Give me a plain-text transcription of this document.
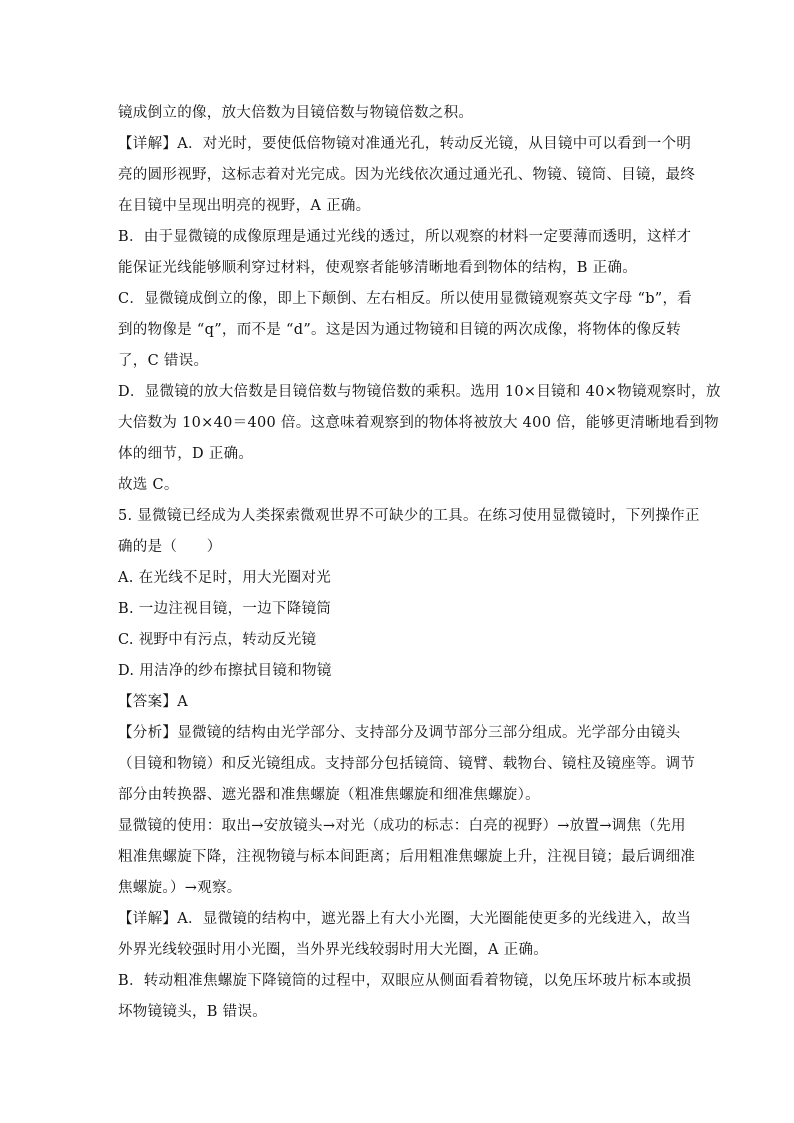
镜成倒立的像，放大倍数为目镜倍数与物镜倍数之积。
【详解】A．对光时，要使低倍物镜对准通光孔，转动反光镜，从目镜中可以看到一个明
亮的圆形视野，这标志着对光完成。因为光线依次通过通光孔、物镜、镜筒、目镜，最终
在目镜中呈现出明亮的视野，A 正确。
B．由于显微镜的成像原理是通过光线的透过，所以观察的材料一定要薄而透明，这样才
能保证光线能够顺利穿过材料，使观察者能够清晰地看到物体的结构，B 正确。
C．显微镜成倒立的像，即上下颠倒、左右相反。所以使用显微镜观察英文字母 “b”，看
到的物像是 “q”，而不是 “d”。这是因为通过物镜和目镜的两次成像，将物体的像反转
了，C 错误。
D．显微镜的放大倍数是目镜倍数与物镜倍数的乘积。选用 10×目镜和 40×物镜观察时，放
大倍数为 10×40＝400 倍。这意味着观察到的物体将被放大 400 倍，能够更清晰地看到物
体的细节，D 正确。
故选 C。
5. 显微镜已经成为人类探索微观世界不可缺少的工具。在练习使用显微镜时，下列操作正
确的是（　　）
A. 在光线不足时，用大光圈对光
B. 一边注视目镜，一边下降镜筒
C. 视野中有污点，转动反光镜
D. 用洁净的纱布擦拭目镜和物镜
【答案】A
【分析】显微镜的结构由光学部分、支持部分及调节部分三部分组成。光学部分由镜头
（目镜和物镜）和反光镜组成。支持部分包括镜筒、镜臂、载物台、镜柱及镜座等。调节
部分由转换器、遮光器和准焦螺旋（粗准焦螺旋和细准焦螺旋）。
显微镜的使用：取出→安放镜头→对光（成功的标志：白亮的视野）→放置→调焦（先用
粗准焦螺旋下降，注视物镜与标本间距离；后用粗准焦螺旋上升，注视目镜；最后调细准
焦螺旋。）→观察。
【详解】A．显微镜的结构中，遮光器上有大小光圈，大光圈能使更多的光线进入，故当
外界光线较强时用小光圈，当外界光线较弱时用大光圈，A 正确。
B．转动粗准焦螺旋下降镜筒的过程中，双眼应从侧面看着物镜，以免压坏玻片标本或损
坏物镜镜头，B 错误。
